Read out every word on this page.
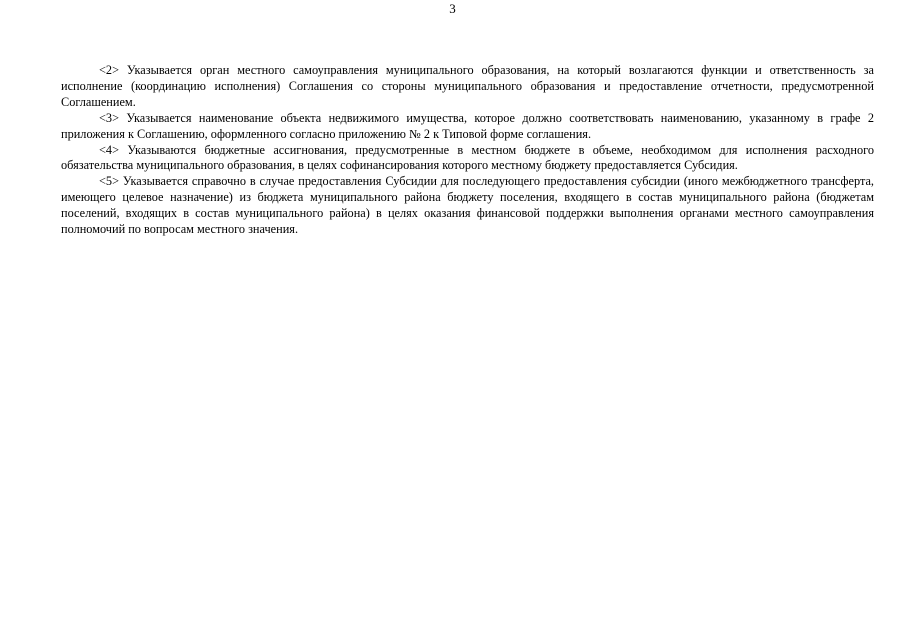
3

<2> Указывается орган местного самоуправления муниципального образования, на который возлагаются функции и ответственность за исполнение (координацию исполнения) Соглашения со стороны муниципального образования и предоставление отчетности, предусмотренной Соглашением.

<3> Указывается наименование объекта недвижимого имущества, которое должно соответствовать наименованию, указанному в графе 2 приложения к Соглашению, оформленного согласно приложению № 2 к Типовой форме соглашения.

<4> Указываются бюджетные ассигнования, предусмотренные в местном бюджете в объеме, необходимом для исполнения расходного обязательства муниципального образования, в целях софинансирования которого местному бюджету предоставляется Субсидия.

<5> Указывается справочно в случае предоставления Субсидии для последующего предоставления субсидии (иного межбюджетного трансферта, имеющего целевое назначение) из бюджета муниципального района бюджету поселения, входящего в состав муниципального района (бюджетам поселений, входящих в состав муниципального района) в целях оказания финансовой поддержки выполнения органами местного самоуправления полномочий по вопросам местного значения.
